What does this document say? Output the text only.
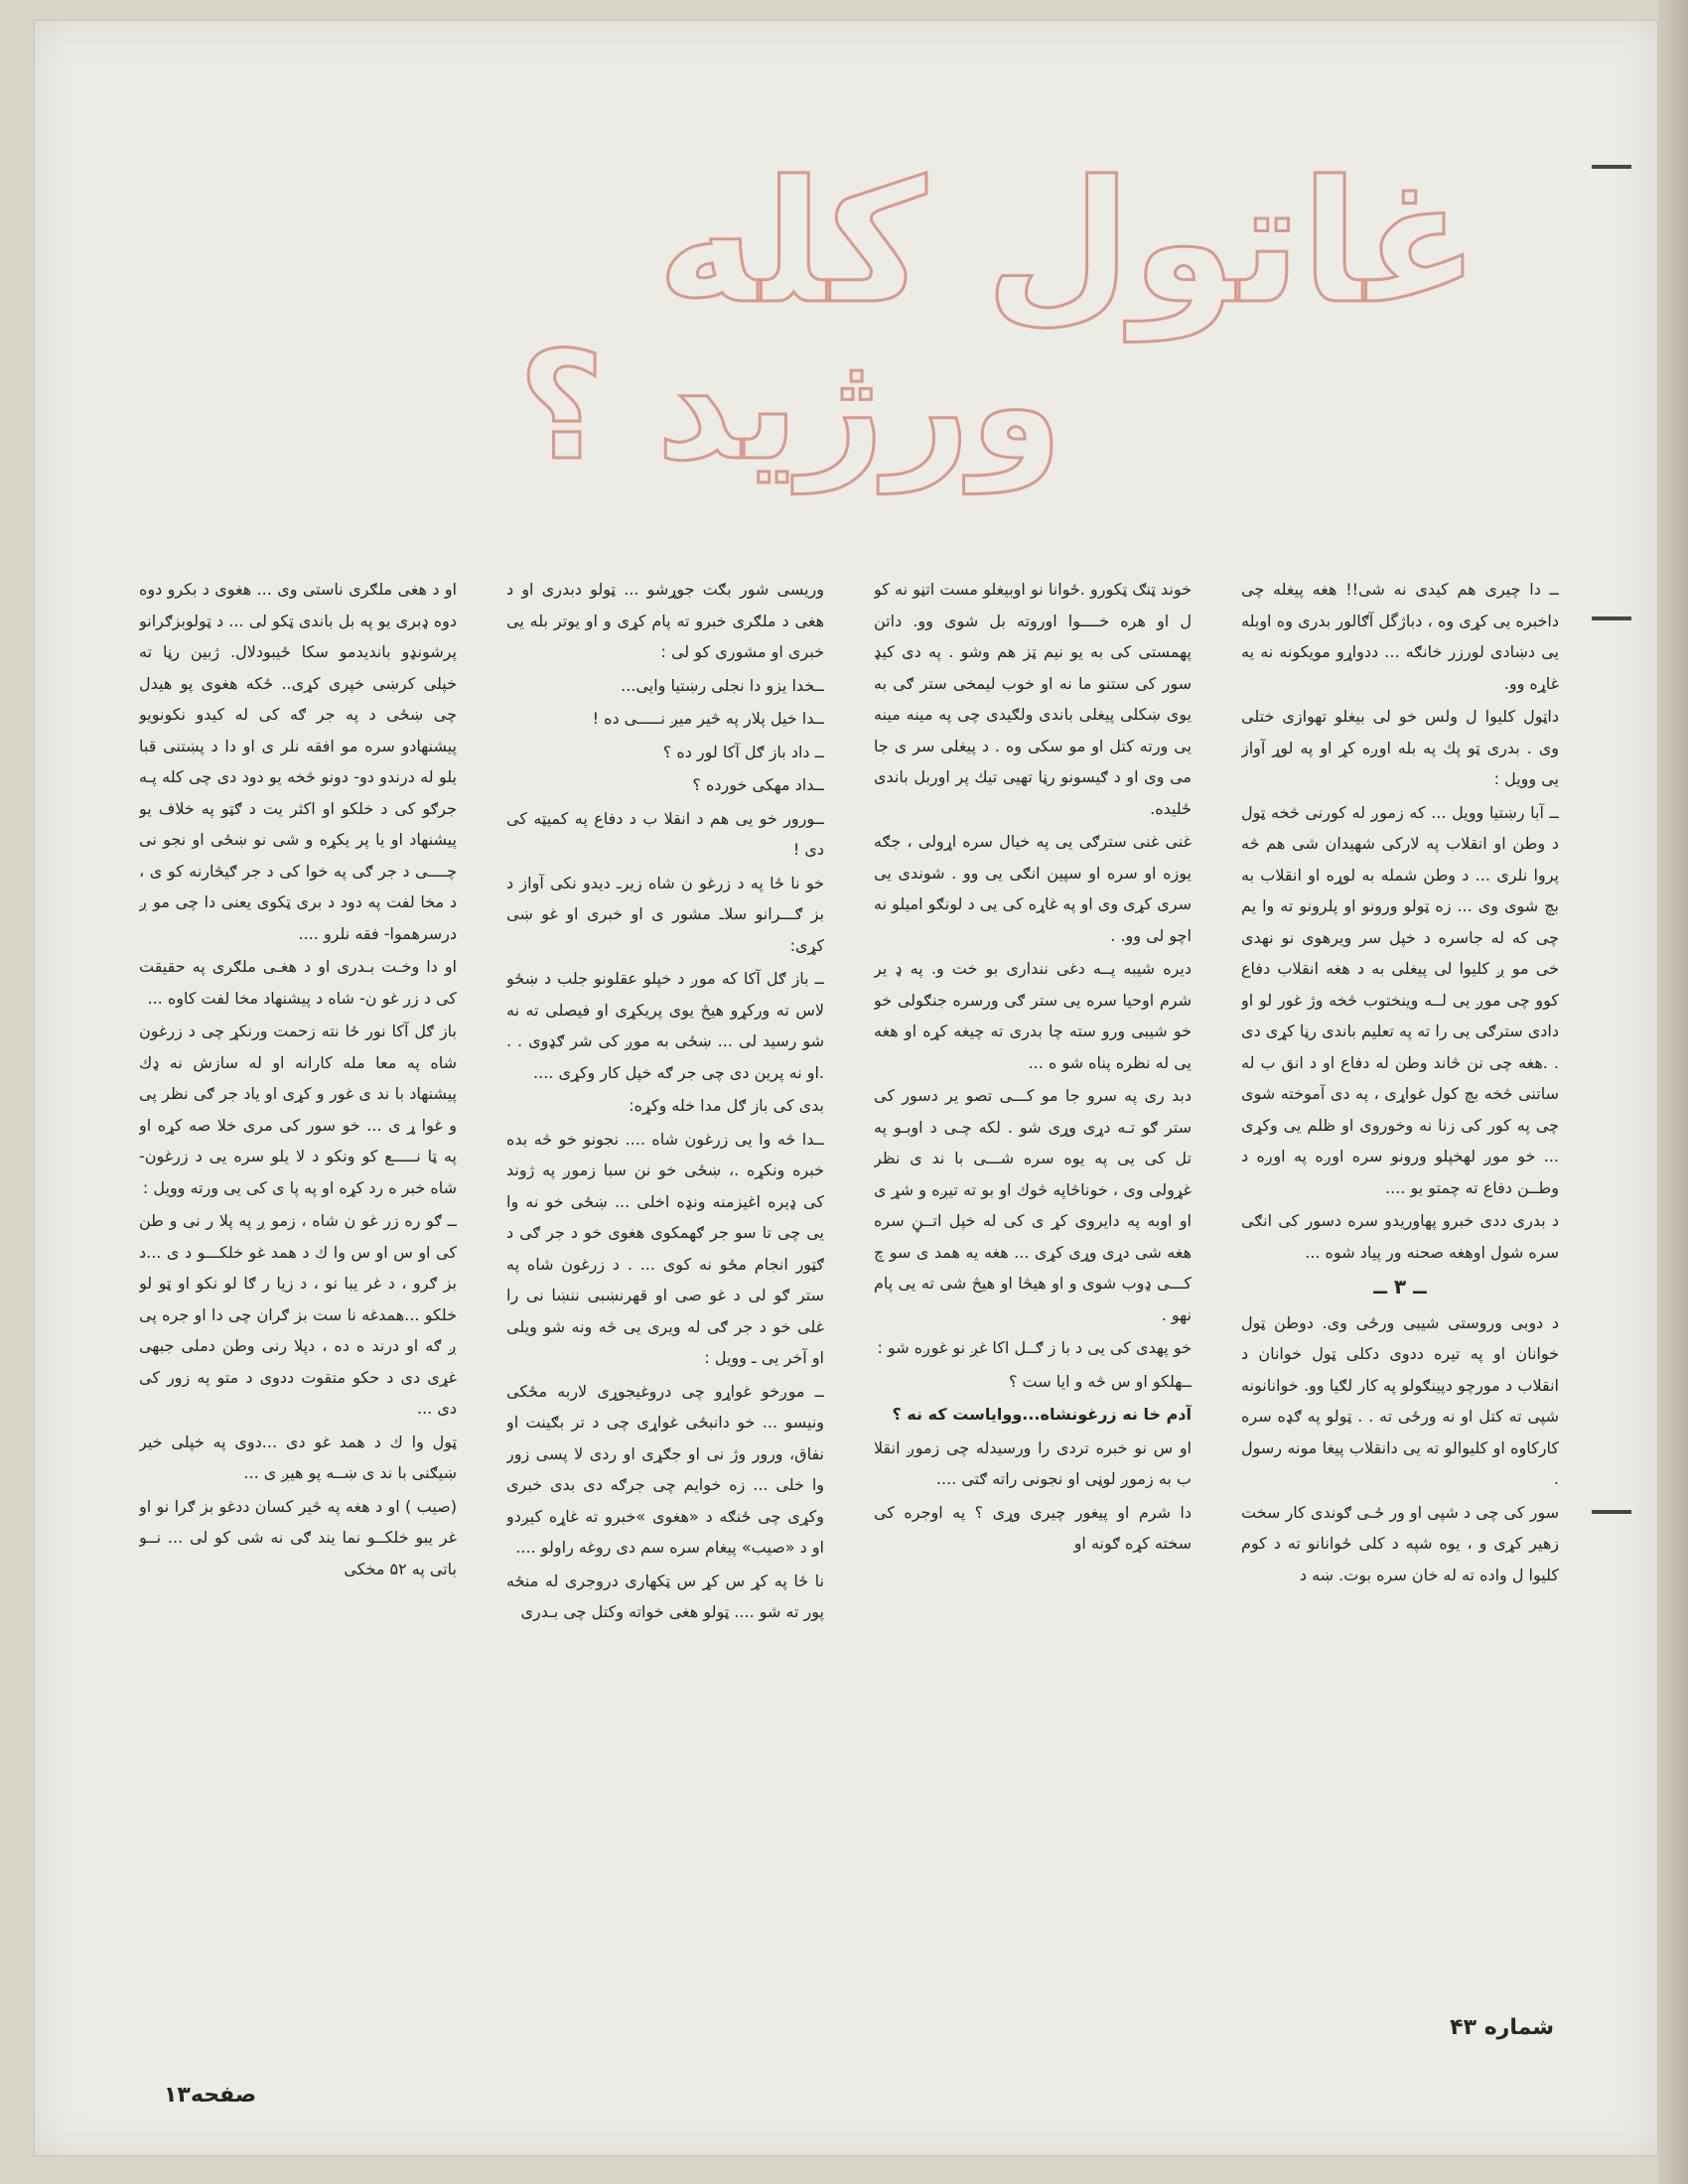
غاتول کله
ورژید ؟

ــ دا چیری هم کیدی نه شی!! هغه پیغله چی داخبره یی کړی وه ، دباژگل آګالور بدری وه اوبله یی دښادی لورزر خانګه ... ددواړو مویکونه نه یه غاړه وو.

داټول کلیوا ل ولس خو لی بیغلو تهوازی ختلی وی . بدری ټو پك په بله اوږه کړ او په لوړ آواز یی وویل :

ــ آبا رښتیا وویل ... که زموږ له کورنی څخه ټول د وطن او انقلاب په لارکی شهیدان شی هم څه پروا نلری ... د وطن شمله به لوړه او انقلاب به بچ شوی وی ... زه ټولو ورونو او پلرونو ته وا یم چی که له جاسره د خپل سر ویرهوی نو نهدی خی مو ږ کلیوا لی پیغلی به د هغه انقلاب دفاع کوو چی موږ یی لــه وینختوب څخه وژ غور لو او دادی سترګی یی را ته په تعلیم باندی رڼا کړی دی . .هغه چی نن څاند وطن له دفاع او د انق ب له ساتنی څخه بچ کول غواړی ، په دی آموخته شوی چی په کور کی زنا نه وخوروی او ظلم یی وکړی ... خو موږ لهخپلو ورونو سره اوږه په اوږه د وطــن دفاع ته چمتو یو ....

د بدری ددی خبرو پهاوریدو سره دسور کی انګی سره شول اوهغه صحنه ور پیاد شوه ...

ــ ۳ ــ

د دوبی وروستی شیبی ورځی وی. دوطن ټول خوانان او په تیره ددوی دکلی ټول خوانان د انقلاب د مورچو دپینګولو په کار لګیا وو. خوانانونه شپی ته کتل او نه ورځی ته . . ټولو په ګډه سره کارکاوه او کلیوالو ته یی دانقلاب پیغا مونه رسول .

سور کی چی د شپی او ور ځـی ګوندی کار سخت زهیر کړی و ، یوه شپه د کلی ځوانانو ته د کوم کلیوا ل واده ته له خان سره بوت. ښه د

خوند ټنګ ټکورو .ځوانا نو اوبیغلو مست اتڼو نه کو ل او هره خــــوا اوروته بل شوی وو. داتن پهمستی کی به یو نیم ټز هم وشو . په دی کیډ سور کی ستنو ما نه او خوب لیمخی ستر ګی به یوی ښکلی پیغلی باندی ولګیدی چی په مینه مینه یی ورته کتل او مو سکی وه . د پیغلی سر ی جا می وی او د ګیسونو رڼا تهیی تیك پر اوربل باندی ځلیده.

غنی غنی سترګی یی په خیال سره اړولی ، جګه یوزه او سره او سپین انګی یی وو . شوندی یی سری کړی وی او په غاړه کی یی د لونګو امیلو نه اچو لی وو. .

دیره شیبه پــه دغی ننداری بو خت و. په ډ یر شرم اوحیا سره یی ستر ګی ورسره جنګولی خو خو شیبی ورو سته چا بدری ته چیغه کړه او هغه یی له نظره پناه شو ه ...

دبد ری په سرو جا مو کـــی تصو یر دسور کی ستر ګو تـه دړی وړی شو . لکه چـی د اوبـو په تل کی یی په یوه سره شـــی با ند ی نظر غړولی وی ، خوناڅاپه څوك او بو ته تیږه و شړ ی او اوبه په دایروی کړ ی کی له خپل اتــڼ سره هغه شی دړی وړی کړی ... هغه یه همد ی سو چ کـــی ډوب شوی و او هیڅا او هیڅ شی ته یی پام نهو .

خو پهدی کی یی د با ز ګــل اکا غږ نو غوږه شو :

ــهلکو او س څه و ایا ست ؟

آدم خا نه زرغونشاه...وواياست که نه ؟

او س نو خبره تردی را ورسیدله چی زموږ انقلا ب به زموږ لوڼی او نجونی راته ګتی ....

دا شرم او پیغور چیری وړی ؟ په اوجره کی سخته کړه ګونه او

وریسی شور بګت جوړشو ... ټولو دبدری او د هغی د ملګری خبرو ته پام کړی و او یوتر بله یی خبری او مشوری کو لی :

ــخدا یزو دا نجلی رښتیا وایی...

ــدا خیل پلار په څیر میږ نـــــی ده !

ــ داد باز ګل آکا لور ده ؟

ــداد مهکی خورده ؟

ــورور خو یی هم د انقلا ب د دفاع په کمیټه کی دی !

خو نا ځا په د زرغو ن شاه زیرـ دیدو نکی آواز د بز ګـــرانو سلاـ مشور ی او خبری او غو ښی کړی:

ــ باز ګل آکا که موږ د خپلو عقلونو جلب د ښځو لاس ته ورکړو هیڅ یوی پریکړی او فیصلی ته نه شو رسید لی ... ښځی به موږ کی شر ګډوی . . .او نه پرین دی چی جر ګه خپل کار وکړی ....

بدی کی باز ګل مدا خله وکړه:

ــدا څه وا یی زرغون شاه .... نجونو خو څه بده خبره ونکړه .، ښځی خو نن سبا زموږ په ژوند کی ډیره اغیزمنه ونډه اخلی ... ښځی خو نه وا یی چی تا سو جر ګهمکوی هغوی خو د جر ګی د ګټور انجام مځو نه کوی ... . د زرغون شاه په ستر ګو لی د غو صی او قهرنښبی ننښا نی را غلی خو د جر ګی له ویری یی څه ونه شو ویلی او آخر یی ـ وویل :

ــ موږخو غواړو چی دروغیجوړی لاربه مځکی ونیسو ... خو دانبځی غواړی چی د تر بګینت او نفاق، ورور وژ نی او جګړی او ردی لا پسی زور وا خلی ... زه خوایم چی جرګه دی بدی خبری وکړی چی ځنګه د «هغوی »خبرو ته غاړه کیږدو او د «صیب» پیغام سره سم دی روغه راولو ....

نا ځا په کړ س کړ س ټکهاری دروجری له منځه پور ته شو .... ټولو هغی خواته وکتل چی بـدری

او د هغی ملګری ناستی وی ... هغوی د بکرو دوه دوه ډبری یو په بل باندی ټکو لی ... د ټولوبزګرانو پرشونډو باندیدمو سکا ځیبودلال. ژبین رڼا ته خپلی کرښی خپری کړی.. ځکه هغوی پو هیدل چی ښځی د په جر ګه کی له کیدو نکونویو پیشنهادو سره مو افقه نلر ی او دا د پښتنی قبا یلو له درندو دو- دونو څخه یو دود دی چی کله پـه جرګو کی د خلکو او اکثر یت د ګټو په خلاف یو پیشنهاد او یا پر یکړه و شی نو ښځی او نجو نی چــــی د جر ګی په خوا کی د جر ګیڅارنه کو ی ، د مخا لفت په دود د بری ټکوی یعنی دا چی مو ږ درسرهموا- فقه نلرو ....

او دا وخـت بـدری او د هغـی ملګری په حقیقت کی د زر غو ن- شاه د پیشنهاد مخا لفت کاوه ...

باز ګل آکا نور ځا نته زحمت ورنکړ چی د زرغون شاه په معا مله کارانه او له سازش نه ډك پیشنهاد با ند ی غور و کړی او یاد جر ګی نظر پی و غوا ړ ی ... خو سور کی مری خلا صه کړه او په ټا نـــــع کو ونکو د لا یلو سره یی د زرغون- شاه خبر ه رد کړه او په پا ی کی یی ورته وویل :

ــ ګو ره زر غو ن شاه ، زمو ږ په پلا ر نی و طن کی او س او س وا ك د همد غو خلکـــو د ی ...د بز ګرو ، د غر یبا نو ، د زیا ر ګا لو نکو او ټو لو خلکو ...همدغه نا ست بز ګران چی دا او جره پی ږ ګه او درند ه ده ، دپلا رنی وطن دملی جبهی غړی دی د حکو متقوت ددوی د متو په زور کی دی ...

ټول وا ك د همد غو دی ...دوی په خپلی خیر ښیګنی با ند ی ښــه پو هیږ ی ...

(صیب ) او د هغه په څیر کسان ددغو بز ګرا نو او غر یبو خلکــو نما یند ګی نه شی کو لی ... نــو باتی په ۵۲ مخکی

شماره ۴۳
صفحه۱۳
